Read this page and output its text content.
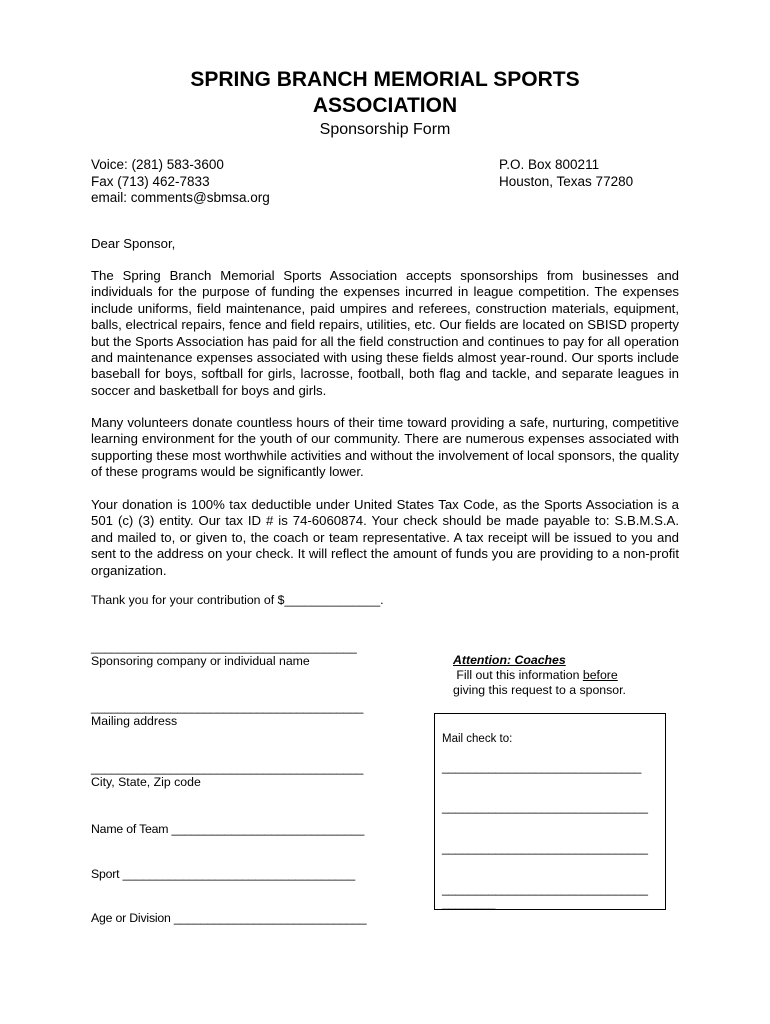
SPRING BRANCH MEMORIAL SPORTS
ASSOCIATION
Sponsorship Form
Voice: (281) 583-3600
Fax (713) 462-7833
email: comments@sbmsa.org
P.O. Box 800211
Houston, Texas 77280
Dear Sponsor,
The Spring Branch Memorial Sports Association accepts sponsorships from businesses and individuals for the purpose of funding the expenses incurred in league competition. The expenses include uniforms, field maintenance, paid umpires and referees, construction materials, equipment, balls, electrical repairs, fence and field repairs, utilities, etc. Our fields are located on SBISD property but the Sports Association has paid for all the field construction and continues to pay for all operation and maintenance expenses associated with using these fields almost year-round. Our sports include baseball for boys, softball for girls, lacrosse, football, both flag and tackle, and separate leagues in soccer and basketball for boys and girls.
Many volunteers donate countless hours of their time toward providing a safe, nurturing, competitive learning environment for the youth of our community. There are numerous expenses associated with supporting these most worthwhile activities and without the involvement of local sponsors, the quality of these programs would be significantly lower.
Your donation is 100% tax deductible under United States Tax Code, as the Sports Association is a 501 (c) (3) entity. Our tax ID # is 74-6060874. Your check should be made payable to: S.B.M.S.A. and mailed to, or given to, the coach or team representative. A tax receipt will be issued to you and sent to the address on your check. It will reflect the amount of funds you are providing to a non-profit organization.
Thank you for your contribution of $______________.
________________________________________
Sponsoring company or individual name
_________________________________________
Mailing address
_________________________________________
City, State, Zip code
Name of Team _____________________________
Sport ___________________________________
Age or Division _____________________________
Attention: Coaches
Fill out this information before
giving this request to a sponsor.
Mail check to:
______________________________
_______________________________
_______________________________
_______________________________
________
